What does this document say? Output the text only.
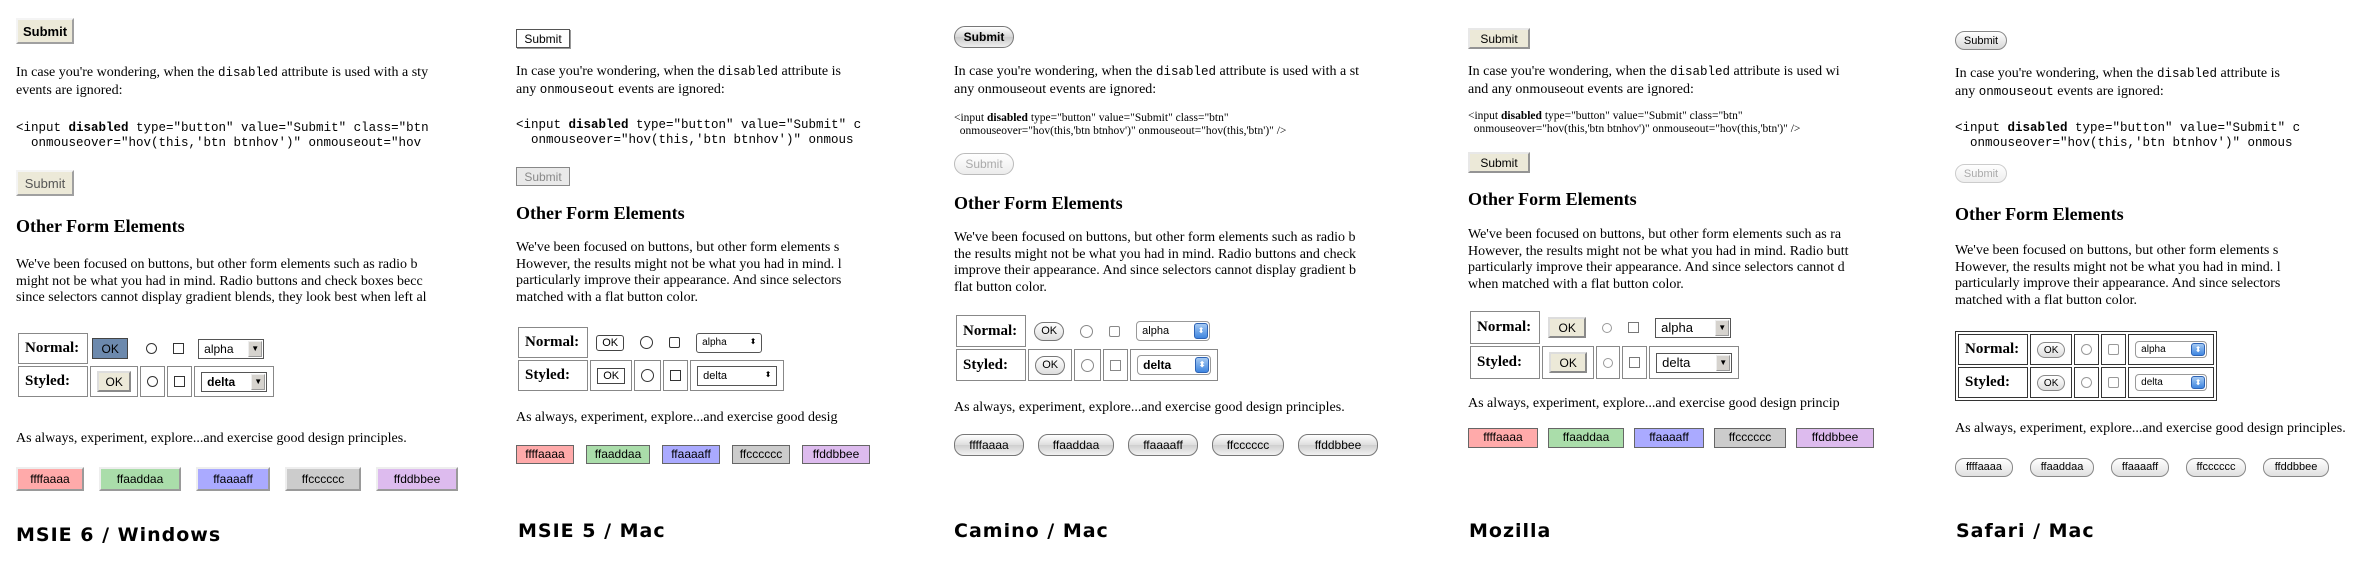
Submit

In case you're wondering, when the disabled attribute is used with a sty
events are ignored:

<input disabled type="button" value="Submit" class="btn
onmouseover="hov(this,'btn btnhov')" onmouseout="hov
Submit
Other Form Elements

We've been focused on buttons, but other form elements such as radio b
might not be what you had in mind. Radio buttons and check boxes becc
since selectors cannot display gradient blends, they look best when left al

Normal:	OK			alpha ▼

Styled:	OK			delta ▼

As always, experiment, explore...and exercise good design principles.

ffffaaaa	ffaaddaa	ffaaaaff	ffcccccc	ffddbbee
MSIE 6 / Windows
Submit

In case you're wondering, when the disabled attribute is
any onmouseout events are ignored:

<input disabled type="button" value="Submit" c
onmouseover="hov(this,'btn btnhov')" onmous
Submit
Other Form Elements

We've been focused on buttons, but other form elements s
However, the results might not be what you had in mind. l
particularly improve their appearance. And since selectors
matched with a flat button color.

Normal:	OK			alpha ⬍

Styled:	OK			delta ⬍

As always, experiment, explore...and exercise good desig

ffffaaaa	ffaaddaa	ffaaaaff	ffcccccc	ffddbbee
MSIE 5 / Mac
Submit

In case you're wondering, when the disabled attribute is used with a st
any onmouseout events are ignored:

<input disabled type="button" value="Submit" class="btn"
onmouseover="hov(this,'btn btnhov')" onmouseout="hov(this,'btn')" />
Submit
Other Form Elements

We've been focused on buttons, but other form elements such as radio b
the results might not be what you had in mind. Radio buttons and check
improve their appearance. And since selectors cannot display gradient b
flat button color.

Normal:	OK			alpha ⬍

Styled:	OK			delta ⬍

As always, experiment, explore...and exercise good design principles.

ffffaaaa	ffaaddaa	ffaaaaff	ffcccccc	ffddbbee
Camino / Mac
Submit

In case you're wondering, when the disabled attribute is used wi
and any onmouseout events are ignored:

<input disabled type="button" value="Submit" class="btn"
onmouseover="hov(this,'btn btnhov')" onmouseout="hov(this,'btn')" />
Submit
Other Form Elements

We've been focused on buttons, but other form elements such as ra
However, the results might not be what you had in mind. Radio butt
particularly improve their appearance. And since selectors cannot d
when matched with a flat button color.

Normal:	OK			alpha ▼

Styled:	OK			delta ▼

As always, experiment, explore...and exercise good design princip

ffffaaaa	ffaaddaa	ffaaaaff	ffcccccc	ffddbbee
Mozilla
Submit

In case you're wondering, when the disabled attribute is
any onmouseout events are ignored:

<input disabled type="button" value="Submit" c
onmouseover="hov(this,'btn btnhov')" onmous
Submit
Other Form Elements

We've been focused on buttons, but other form elements s
However, the results might not be what you had in mind. l
particularly improve their appearance. And since selectors
matched with a flat button color.

Normal:	OK			alpha ⬍

Styled:	OK			delta ⬍

As always, experiment, explore...and exercise good design principles.

ffffaaaa	ffaaddaa	ffaaaaff	ffcccccc	ffddbbee
Safari / Mac
